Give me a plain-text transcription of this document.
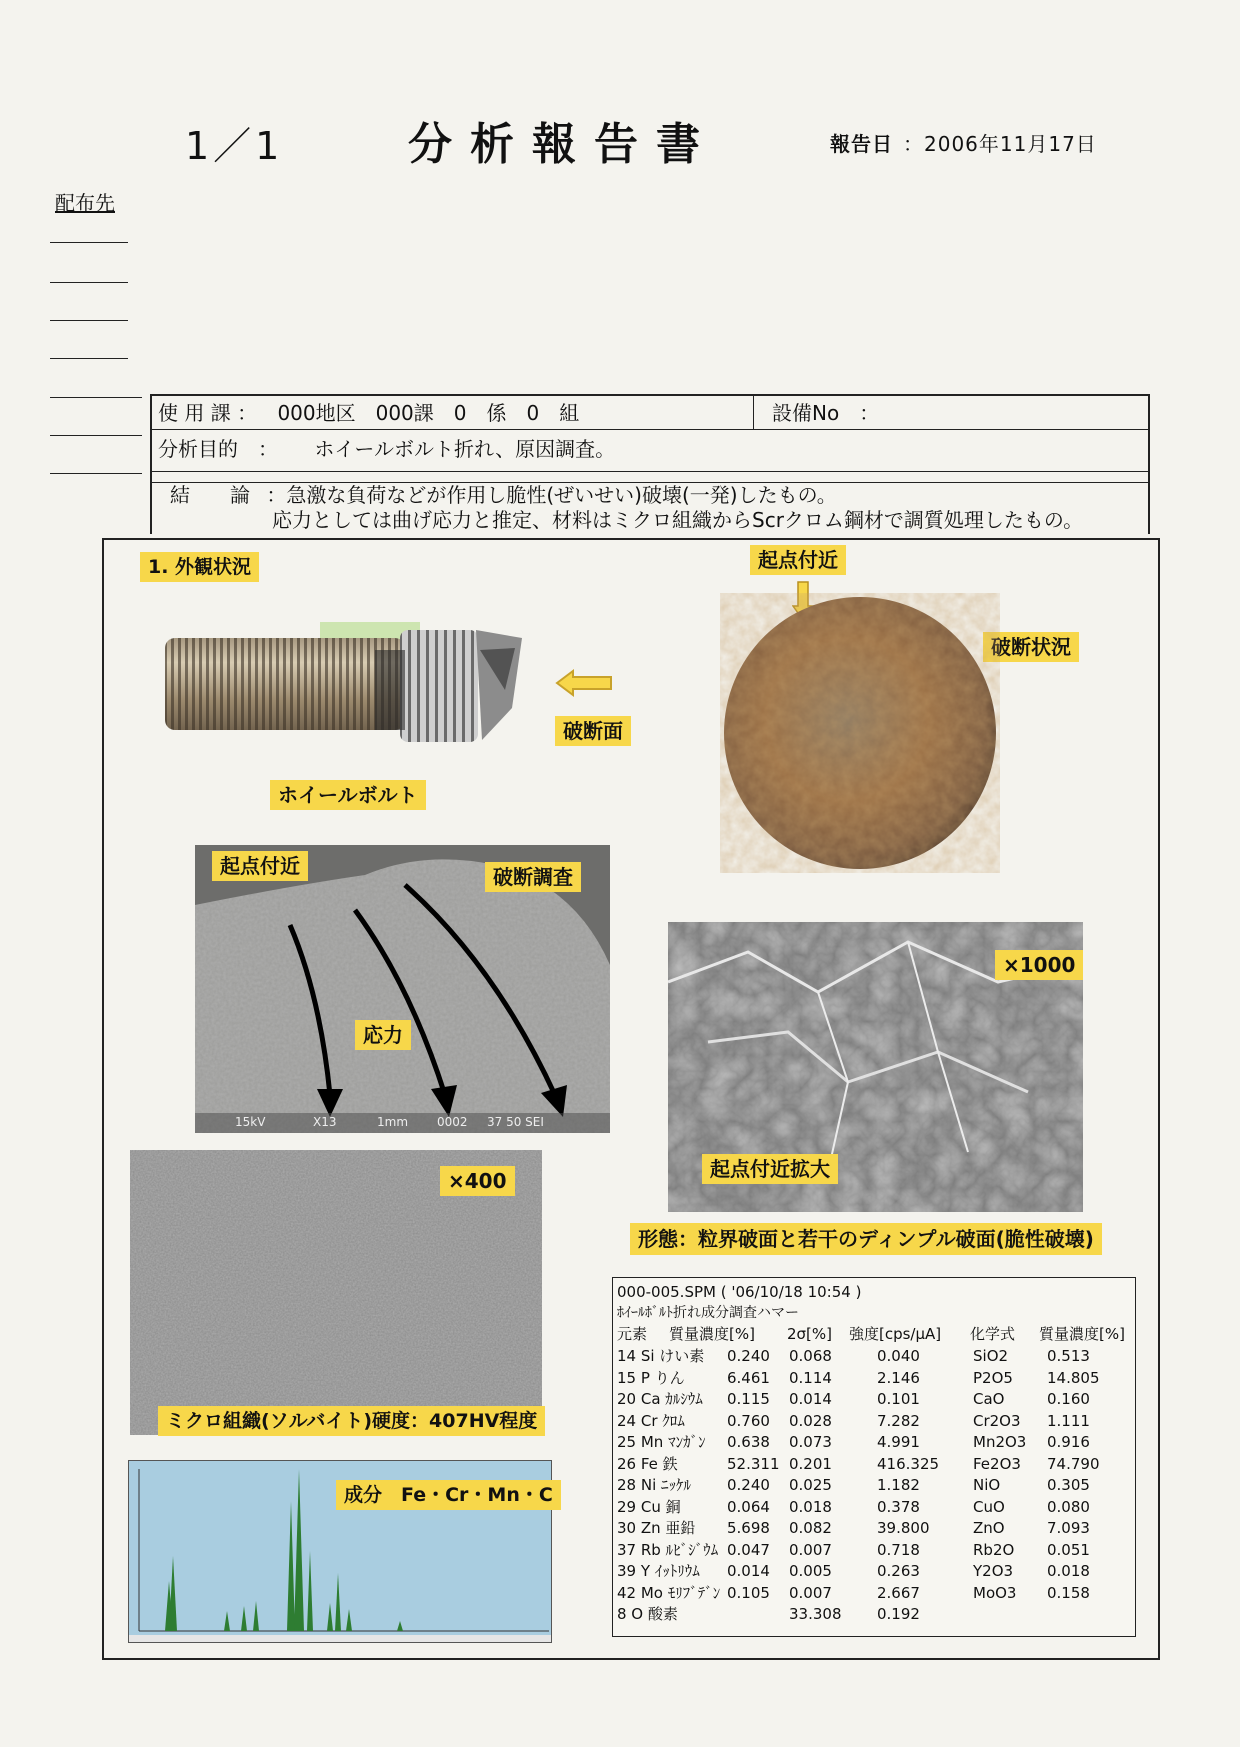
1／1	分析報告書	報告日 ：2006年11月17日
配布先
使 用 課 ： 000地区　000課　0　係　0　組	設備No　：
分析目的　： ホイールボルト折れ、原因調査。
結　　論 ：急激な負荷などが作用し脆性(ぜいせい)破壊(一発)したもの。
応力としては曲げ応力と推定、材料はミクロ組織からScrクロム鋼材で調質処理したもの。
1. 外観状況
破断面
ホイールボルト
起点付近
破断状況
15kV	X13	1mm 0002 37 50 SEI
起点付近	破断調査
応力
×1000
起点付近拡大
形態：粒界破面と若干のディンプル破面(脆性破壊)
×400
ミクロ組織(ソルバイト)硬度：407HV程度
成分　Fe・Cr・Mn・C
000-005.SPM ( '06/10/18 10:54 )
ﾎｲｰﾙﾎﾞﾙﾄ折れ成分調査ハマー
元素 質量濃度[%] 2σ[%] 強度[cps/μA] 化学式 質量濃度[%]
14 Si けい素 0.240 0.068	0.040	SiO2	0.513
15 P りん	6.461 0.114	2.146	P2O5 14.805
20 Ca ｶﾙｼｳﾑ 0.115 0.014	0.101	CaO	0.160
24 Cr ｸﾛﾑ	0.760 0.028	7.282	Cr2O3 1.111
25 Mn ﾏﾝｶﾞﾝ 0.638 0.073	4.991	Mn2O3 0.916
26 Fe 鉄	52.311 0.201	416.325 Fe2O3 74.790
28 Ni ﾆｯｹﾙ 0.240 0.025	1.182	NiO	0.305
29 Cu 銅	0.064 0.018	0.378	CuO	0.080
30 Zn 亜鉛 5.698 0.082	39.800	ZnO	7.093
37 Rb ﾙﾋﾞｼﾞｳﾑ 0.047 0.007	0.718	Rb2O 0.051
39 Y ｲｯﾄﾘｳﾑ 0.014 0.005	0.263	Y2O3 0.018
42 Mo ﾓﾘﾌﾞﾃﾞﾝ 0.105 0.007	2.667	MoO3 0.158
8 O 酸素	33.308 0.192
